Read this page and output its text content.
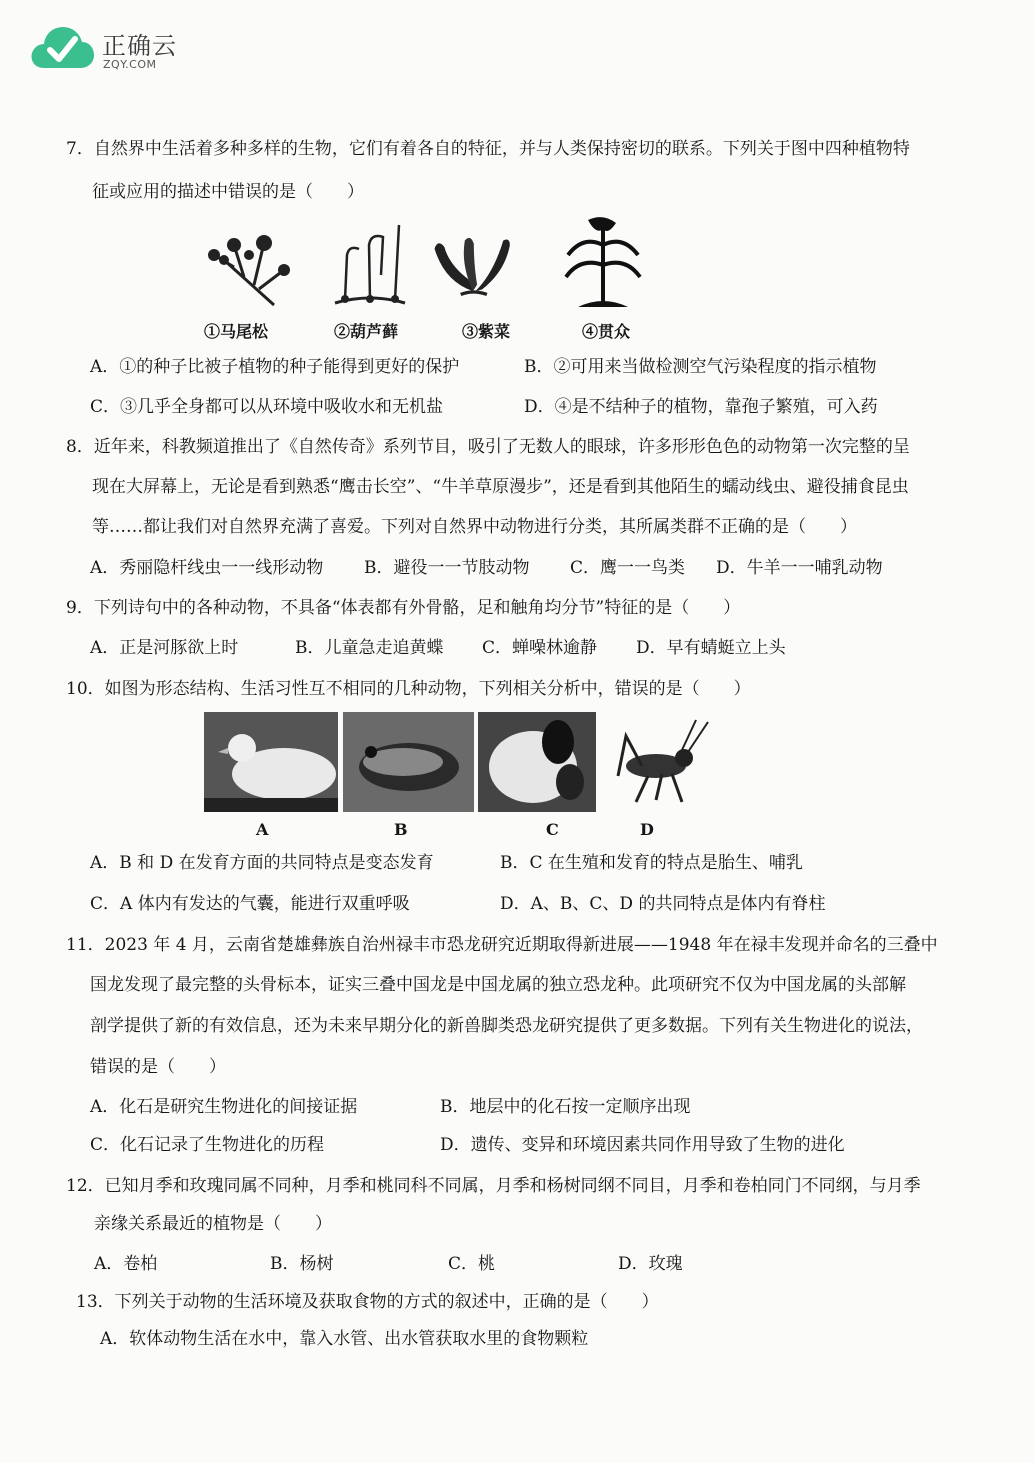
正确云
ZQY.COM
7．自然界中生活着多种多样的生物，它们有着各自的特征，并与人类保持密切的联系。下列关于图中四种植物特
征或应用的描述中错误的是（　　）
①马尾松	②葫芦藓	③紫菜	④贯众
A．①的种子比被子植物的种子能得到更好的保护	B．②可用来当做检测空气污染程度的指示植物
C．③几乎全身都可以从环境中吸收水和无机盐	D．④是不结种子的植物，靠孢子繁殖，可入药
8．近年来，科教频道推出了《自然传奇》系列节目，吸引了无数人的眼球，许多形形色色的动物第一次完整的呈
现在大屏幕上，无论是看到熟悉“鹰击长空”、“牛羊草原漫步”，还是看到其他陌生的蠕动线虫、避役捕食昆虫
等……都让我们对自然界充满了喜爱。下列对自然界中动物进行分类，其所属类群不正确的是（　　）
A．秀丽隐杆线虫一一线形动物 B．避役一一节肢动物 C．鹰一一鸟类 D．牛羊一一哺乳动物
9．下列诗句中的各种动物，不具备“体表都有外骨骼，足和触角均分节”特征的是（　　）
A．正是河豚欲上时	B．儿童急走追黄蝶 C．蝉噪林逾静 D．早有蜻蜓立上头
10．如图为形态结构、生活习性互不相同的几种动物，下列相关分析中，错误的是（　　）
A	B	C	D
A．B 和 D 在发育方面的共同特点是变态发育	B．C 在生殖和发育的特点是胎生、哺乳
C．A 体内有发达的气囊，能进行双重呼吸	D．A、B、C、D 的共同特点是体内有脊柱
11．2023 年 4 月，云南省楚雄彝族自治州禄丰市恐龙研究近期取得新进展——1948 年在禄丰发现并命名的三叠中
国龙发现了最完整的头骨标本，证实三叠中国龙是中国龙属的独立恐龙种。此项研究不仅为中国龙属的头部解
剖学提供了新的有效信息，还为未来早期分化的新兽脚类恐龙研究提供了更多数据。下列有关生物进化的说法，
错误的是（　　）
A．化石是研究生物进化的间接证据	B．地层中的化石按一定顺序出现
C．化石记录了生物进化的历程	D．遗传、变异和环境因素共同作用导致了生物的进化
12．已知月季和玫瑰同属不同种，月季和桃同科不同属，月季和杨树同纲不同目，月季和卷柏同门不同纲，与月季
亲缘关系最近的植物是（　　）
A．卷柏	B．杨树	C．桃	D．玫瑰
13．下列关于动物的生活环境及获取食物的方式的叙述中，正确的是（　　）
A．软体动物生活在水中，靠入水管、出水管获取水里的食物颗粒
